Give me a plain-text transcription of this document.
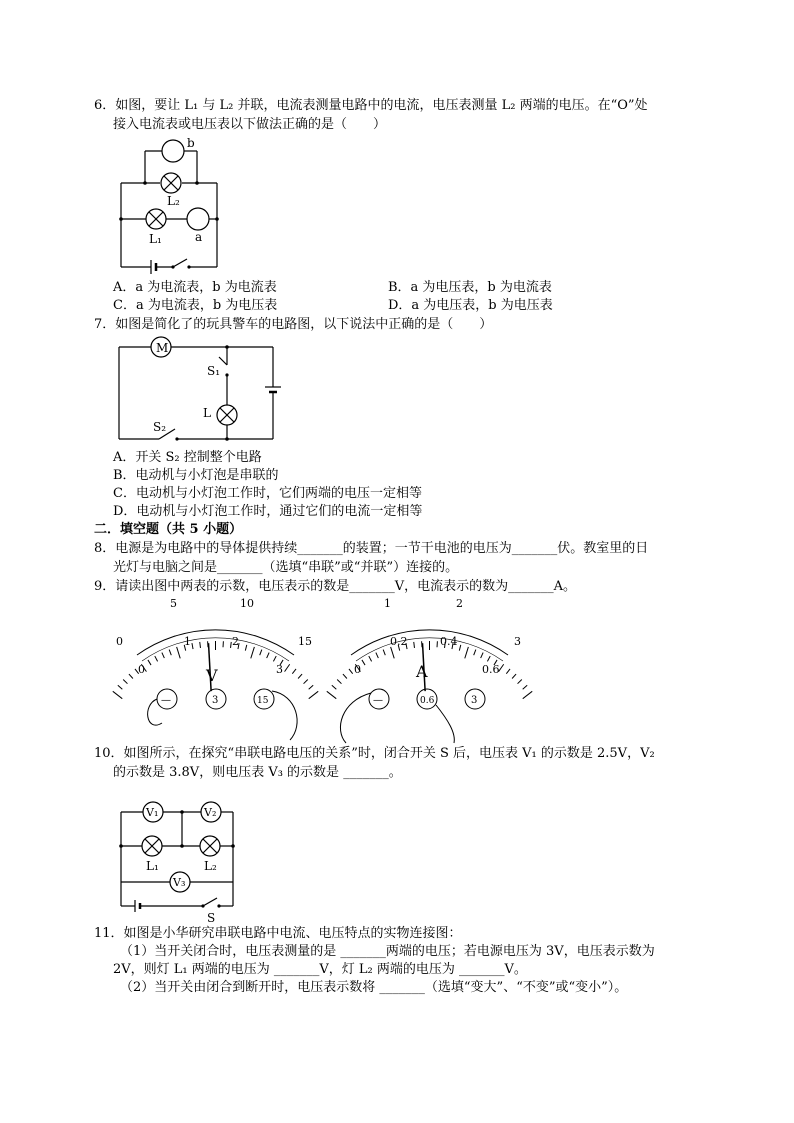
6．如图，要让 L₁ 与 L₂ 并联，电流表测量电路中的电流，电压表测量 L₂ 两端的电压。在“O”处
接入电流表或电压表以下做法正确的是（　　）
b
L₂
L₁	a
A．a 为电流表，b 为电流表	B．a 为电压表，b 为电流表
C．a 为电流表，b 为电压表	D．a 为电压表，b 为电压表
7．如图是简化了的玩具警车的电路图，以下说法中正确的是（　　）
M
S₁
L
S₂
A．开关 S₂ 控制整个电路
B．电动机与小灯泡是串联的
C．电动机与小灯泡工作时，它们两端的电压一定相等
D．电动机与小灯泡工作时，通过它们的电流一定相等
二．填空题（共 5 小题）
8．电源是为电路中的导体提供持续_______的装置；一节干电池的电压为_______伏。教室里的日
光灯与电脑之间是_______（选填“串联”或“并联”）连接的。
9．请读出图中两表的示数，电压表示的数是_______V，电流表示的数为_______A。
0
5	10
15
0
1	2
3
V
—	3	15
1	2
3
0
0.2	0.4
0.6
A
—	0.6	3
10．如图所示，在探究“串联电路电压的关系”时，闭合开关 S 后，电压表 V₁ 的示数是 2.5V，V₂
的示数是 3.8V，则电压表 V₃ 的示数是 _______。
V₁	V₂
V₃
L₁	L₂
S
11．如图是小华研究串联电路中电流、电压特点的实物连接图：
（1）当开关闭合时，电压表测量的是 _______两端的电压；若电源电压为 3V，电压表示数为
2V，则灯 L₁ 两端的电压为 _______V，灯 L₂ 两端的电压为 _______V。
（2）当开关由闭合到断开时，电压表示数将 _______（选填“变大”、“不变”或“变小”）。
